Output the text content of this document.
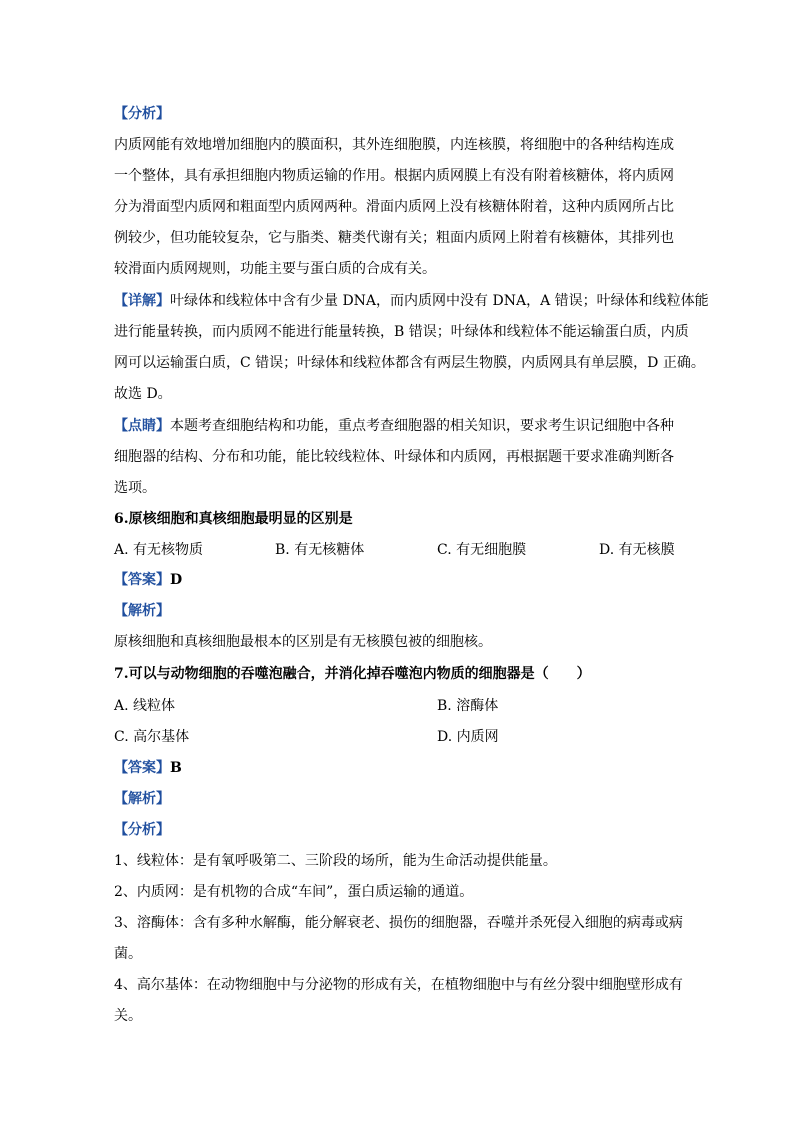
【分析】
内质网能有效地增加细胞内的膜面积，其外连细胞膜，内连核膜，将细胞中的各种结构连成
一个整体，具有承担细胞内物质运输的作用。根据内质网膜上有没有附着核糖体，将内质网
分为滑面型内质网和粗面型内质网两种。滑面内质网上没有核糖体附着，这种内质网所占比
例较少，但功能较复杂，它与脂类、糖类代谢有关；粗面内质网上附着有核糖体，其排列也
较滑面内质网规则，功能主要与蛋白质的合成有关。
【详解】叶绿体和线粒体中含有少量 DNA，而内质网中没有 DNA，A 错误；叶绿体和线粒体能
进行能量转换，而内质网不能进行能量转换，B 错误；叶绿体和线粒体不能运输蛋白质，内质
网可以运输蛋白质，C 错误；叶绿体和线粒体都含有两层生物膜，内质网具有单层膜，D 正确。
故选 D。
【点睛】本题考查细胞结构和功能，重点考查细胞器的相关知识，要求考生识记细胞中各种
细胞器的结构、分布和功能，能比较线粒体、叶绿体和内质网，再根据题干要求准确判断各
选项。
6.原核细胞和真核细胞最明显的区别是
A. 有无核物质	B. 有无核糖体	C. 有无细胞膜	D. 有无核膜
【答案】D
【解析】
原核细胞和真核细胞最根本的区别是有无核膜包被的细胞核。
7.可以与动物细胞的吞噬泡融合，并消化掉吞噬泡内物质的细胞器是（　　）
A. 线粒体	B. 溶酶体
C. 高尔基体	D. 内质网
【答案】B
【解析】
【分析】
1、线粒体：是有氧呼吸第二、三阶段的场所，能为生命活动提供能量。
2、内质网：是有机物的合成“车间”，蛋白质运输的通道。
3、溶酶体：含有多种水解酶，能分解衰老、损伤的细胞器，吞噬并杀死侵入细胞的病毒或病
菌。
4、高尔基体：在动物细胞中与分泌物的形成有关，在植物细胞中与有丝分裂中细胞壁形成有
关。
